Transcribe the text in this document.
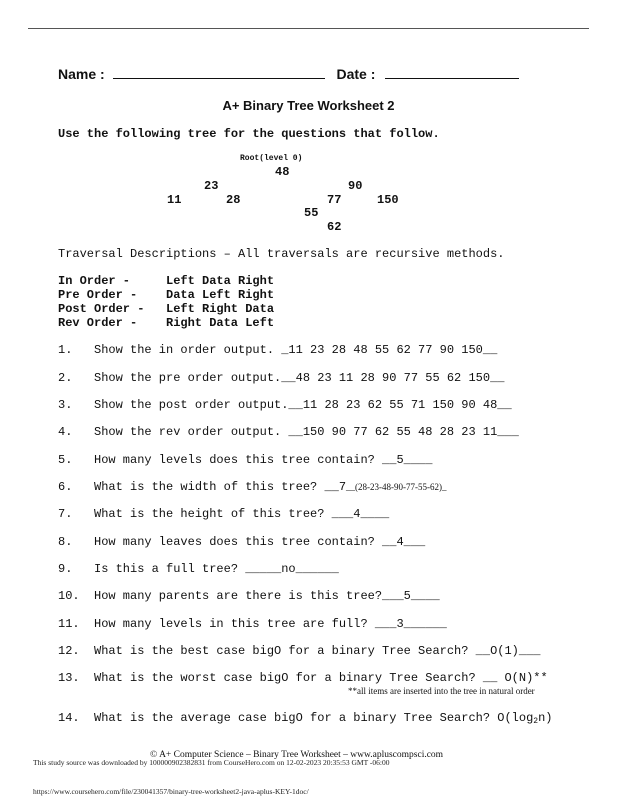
Name :	Date :
A+ Binary Tree Worksheet 2
Use the following tree for the questions that follow.
Root(level 0)
48
23	90
11	28	77	150
55
62
Traversal Descriptions – All traversals are recursive methods.
In Order -	Left Data Right
Pre Order - Data Left Right
Post Order - Left Right Data
Rev Order - Right Data Left
1. Show the in order output. _11 23 28 48 55 62 77 90 150__
2. Show the pre order output.__48 23 11 28 90 77 55 62 150__
3. Show the post order output.__11 28 23 62 55 71 150 90 48__
4. Show the rev order output. __150 90 77 62 55 48 28 23 11___
5. How many levels does this tree contain? __5____
6. What is the width of this tree? __7__(28-23-48-90-77-55-62)_
7. What is the height of this tree? ___4____
8. How many leaves does this tree contain? __4___
9. Is this a full tree? _____no______
10. How many parents are there is this tree?___5____
11. How many levels in this tree are full? ___3______
12. What is the best case bigO for a binary Tree Search? __O(1)___
13. What is the worst case bigO for a binary Tree Search? __ O(N)**
**all items are inserted into the tree in natural order
14. What is the average case bigO for a binary Tree Search? $O(\log_2n)$
© A+ Computer Science – Binary Tree Worksheet – www.apluscompsci.com
This study source was downloaded by 100000902382831 from CourseHero.com on 12-02-2023 20:35:53 GMT -06:00
https://www.coursehero.com/file/230041357/binary-tree-worksheet2-java-aplus-KEY-1doc/
